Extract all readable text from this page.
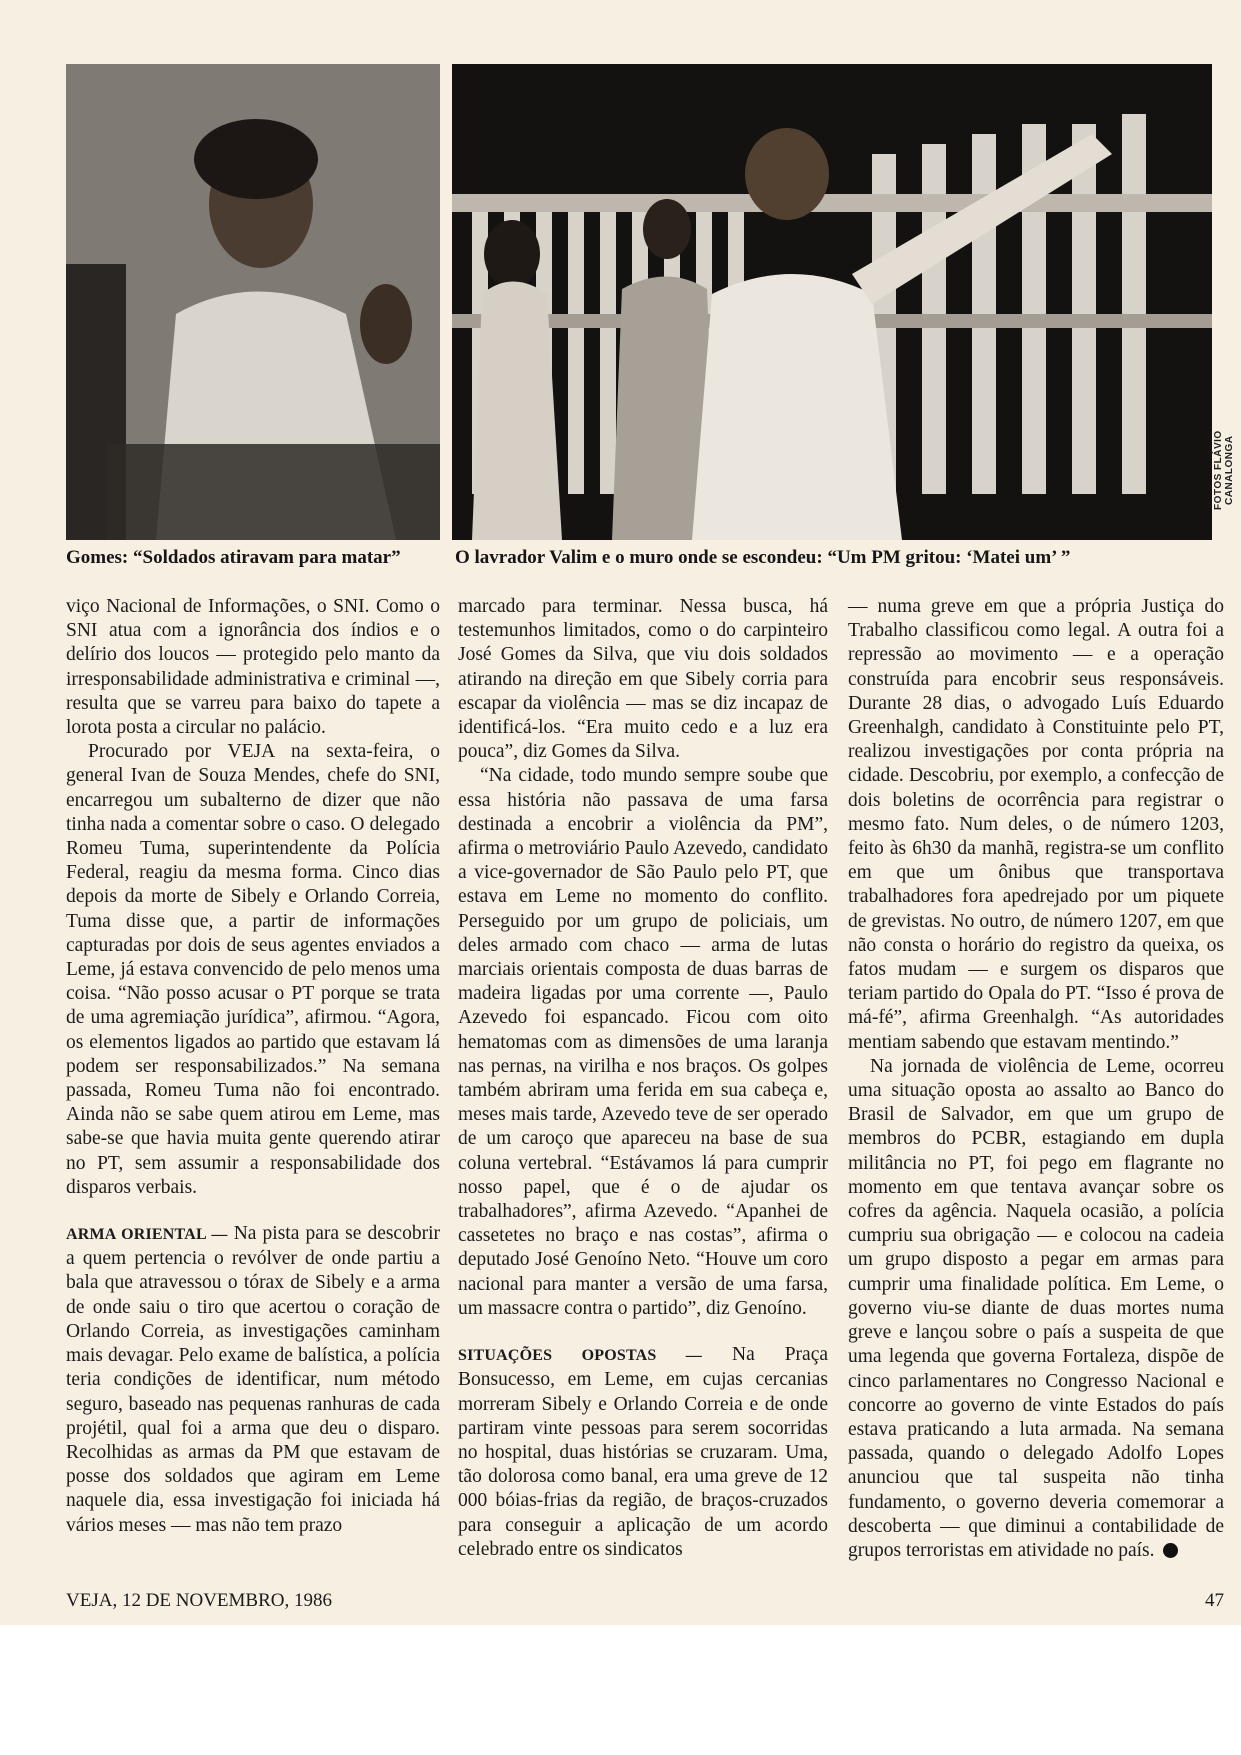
FOTOS FLÁVIO CANALONGA
Gomes: “Soldados atiravam para matar”	O lavrador Valim e o muro onde se escondeu: “Um PM gritou: ‘Matei um’ ”

viço Nacional de Informações, o SNI. Como o SNI atua com a ignorância dos índios e o delírio dos loucos — protegido pelo manto da irresponsabilidade administrativa e criminal —, resulta que se varreu para baixo do tapete a lorota posta a circular no palácio.

Procurado por VEJA na sexta-feira, o general Ivan de Souza Mendes, chefe do SNI, encarregou um subalterno de dizer que não tinha nada a comentar sobre o caso. O delegado Romeu Tuma, superintendente da Polícia Federal, reagiu da mesma forma. Cinco dias depois da morte de Sibely e Orlando Correia, Tuma disse que, a partir de informações capturadas por dois de seus agentes enviados a Leme, já estava convencido de pelo menos uma coisa. “Não posso acusar o PT porque se trata de uma agremiação jurídica”, afirmou. “Agora, os elementos ligados ao partido que estavam lá podem ser responsabilizados.” Na semana passada, Romeu Tuma não foi encontrado. Ainda não se sabe quem atirou em Leme, mas sabe-se que havia muita gente querendo atirar no PT, sem assumir a responsabilidade dos disparos verbais.

ARMA ORIENTAL — Na pista para se descobrir a quem pertencia o revólver de onde partiu a bala que atravessou o tórax de Sibely e a arma de onde saiu o tiro que acertou o coração de Orlando Correia, as investigações caminham mais devagar. Pelo exame de balística, a polícia teria condições de identificar, num método seguro, baseado nas pequenas ranhuras de cada projétil, qual foi a arma que deu o disparo. Recolhidas as armas da PM que estavam de posse dos soldados que agiram em Leme naquele dia, essa investigação foi iniciada há vários meses — mas não tem prazo

marcado para terminar. Nessa busca, há testemunhos limitados, como o do carpinteiro José Gomes da Silva, que viu dois soldados atirando na direção em que Sibely corria para escapar da violência — mas se diz incapaz de identificá-los. “Era muito cedo e a luz era pouca”, diz Gomes da Silva.

“Na cidade, todo mundo sempre soube que essa história não passava de uma farsa destinada a encobrir a violência da PM”, afirma o metroviário Paulo Azevedo, candidato a vice-governador de São Paulo pelo PT, que estava em Leme no momento do conflito. Perseguido por um grupo de policiais, um deles armado com chaco — arma de lutas marciais orientais composta de duas barras de madeira ligadas por uma corrente —, Paulo Azevedo foi espancado. Ficou com oito hematomas com as dimensões de uma laranja nas pernas, na virilha e nos braços. Os golpes também abriram uma ferida em sua cabeça e, meses mais tarde, Azevedo teve de ser operado de um caroço que apareceu na base de sua coluna vertebral. “Estávamos lá para cumprir nosso papel, que é o de ajudar os trabalhadores”, afirma Azevedo. “Apanhei de cassetetes no braço e nas costas”, afirma o deputado José Genoíno Neto. “Houve um coro nacional para manter a versão de uma farsa, um massacre contra o partido”, diz Genoíno.

SITUAÇÕES OPOSTAS — Na Praça Bonsucesso, em Leme, em cujas cercanias morreram Sibely e Orlando Correia e de onde partiram vinte pessoas para serem socorridas no hospital, duas histórias se cruzaram. Uma, tão dolorosa como banal, era uma greve de 12 000 bóias-frias da região, de braços-cruzados para conseguir a aplicação de um acordo celebrado entre os sindicatos

— numa greve em que a própria Justiça do Trabalho classificou como legal. A outra foi a repressão ao movimento — e a operação construída para encobrir seus responsáveis. Durante 28 dias, o advogado Luís Eduardo Greenhalgh, candidato à Constituinte pelo PT, realizou investigações por conta própria na cidade. Descobriu, por exemplo, a confecção de dois boletins de ocorrência para registrar o mesmo fato. Num deles, o de número 1203, feito às 6h30 da manhã, registra-se um conflito em que um ônibus que transportava trabalhadores fora apedrejado por um piquete de grevistas. No outro, de número 1207, em que não consta o horário do registro da queixa, os fatos mudam — e surgem os disparos que teriam partido do Opala do PT. “Isso é prova de má-fé”, afirma Greenhalgh. “As autoridades mentiam sabendo que estavam mentindo.”

Na jornada de violência de Leme, ocorreu uma situação oposta ao assalto ao Banco do Brasil de Salvador, em que um grupo de membros do PCBR, estagiando em dupla militância no PT, foi pego em flagrante no momento em que tentava avançar sobre os cofres da agência. Naquela ocasião, a polícia cumpriu sua obrigação — e colocou na cadeia um grupo disposto a pegar em armas para cumprir uma finalidade política. Em Leme, o governo viu-se diante de duas mortes numa greve e lançou sobre o país a suspeita de que uma legenda que governa Fortaleza, dispõe de cinco parlamentares no Congresso Nacional e concorre ao governo de vinte Estados do país estava praticando a luta armada. Na semana passada, quando o delegado Adolfo Lopes anunciou que tal suspeita não tinha fundamento, o governo deveria comemorar a descoberta — que diminui a contabilidade de grupos terroristas em atividade no país.

VEJA, 12 DE NOVEMBRO, 1986	47
